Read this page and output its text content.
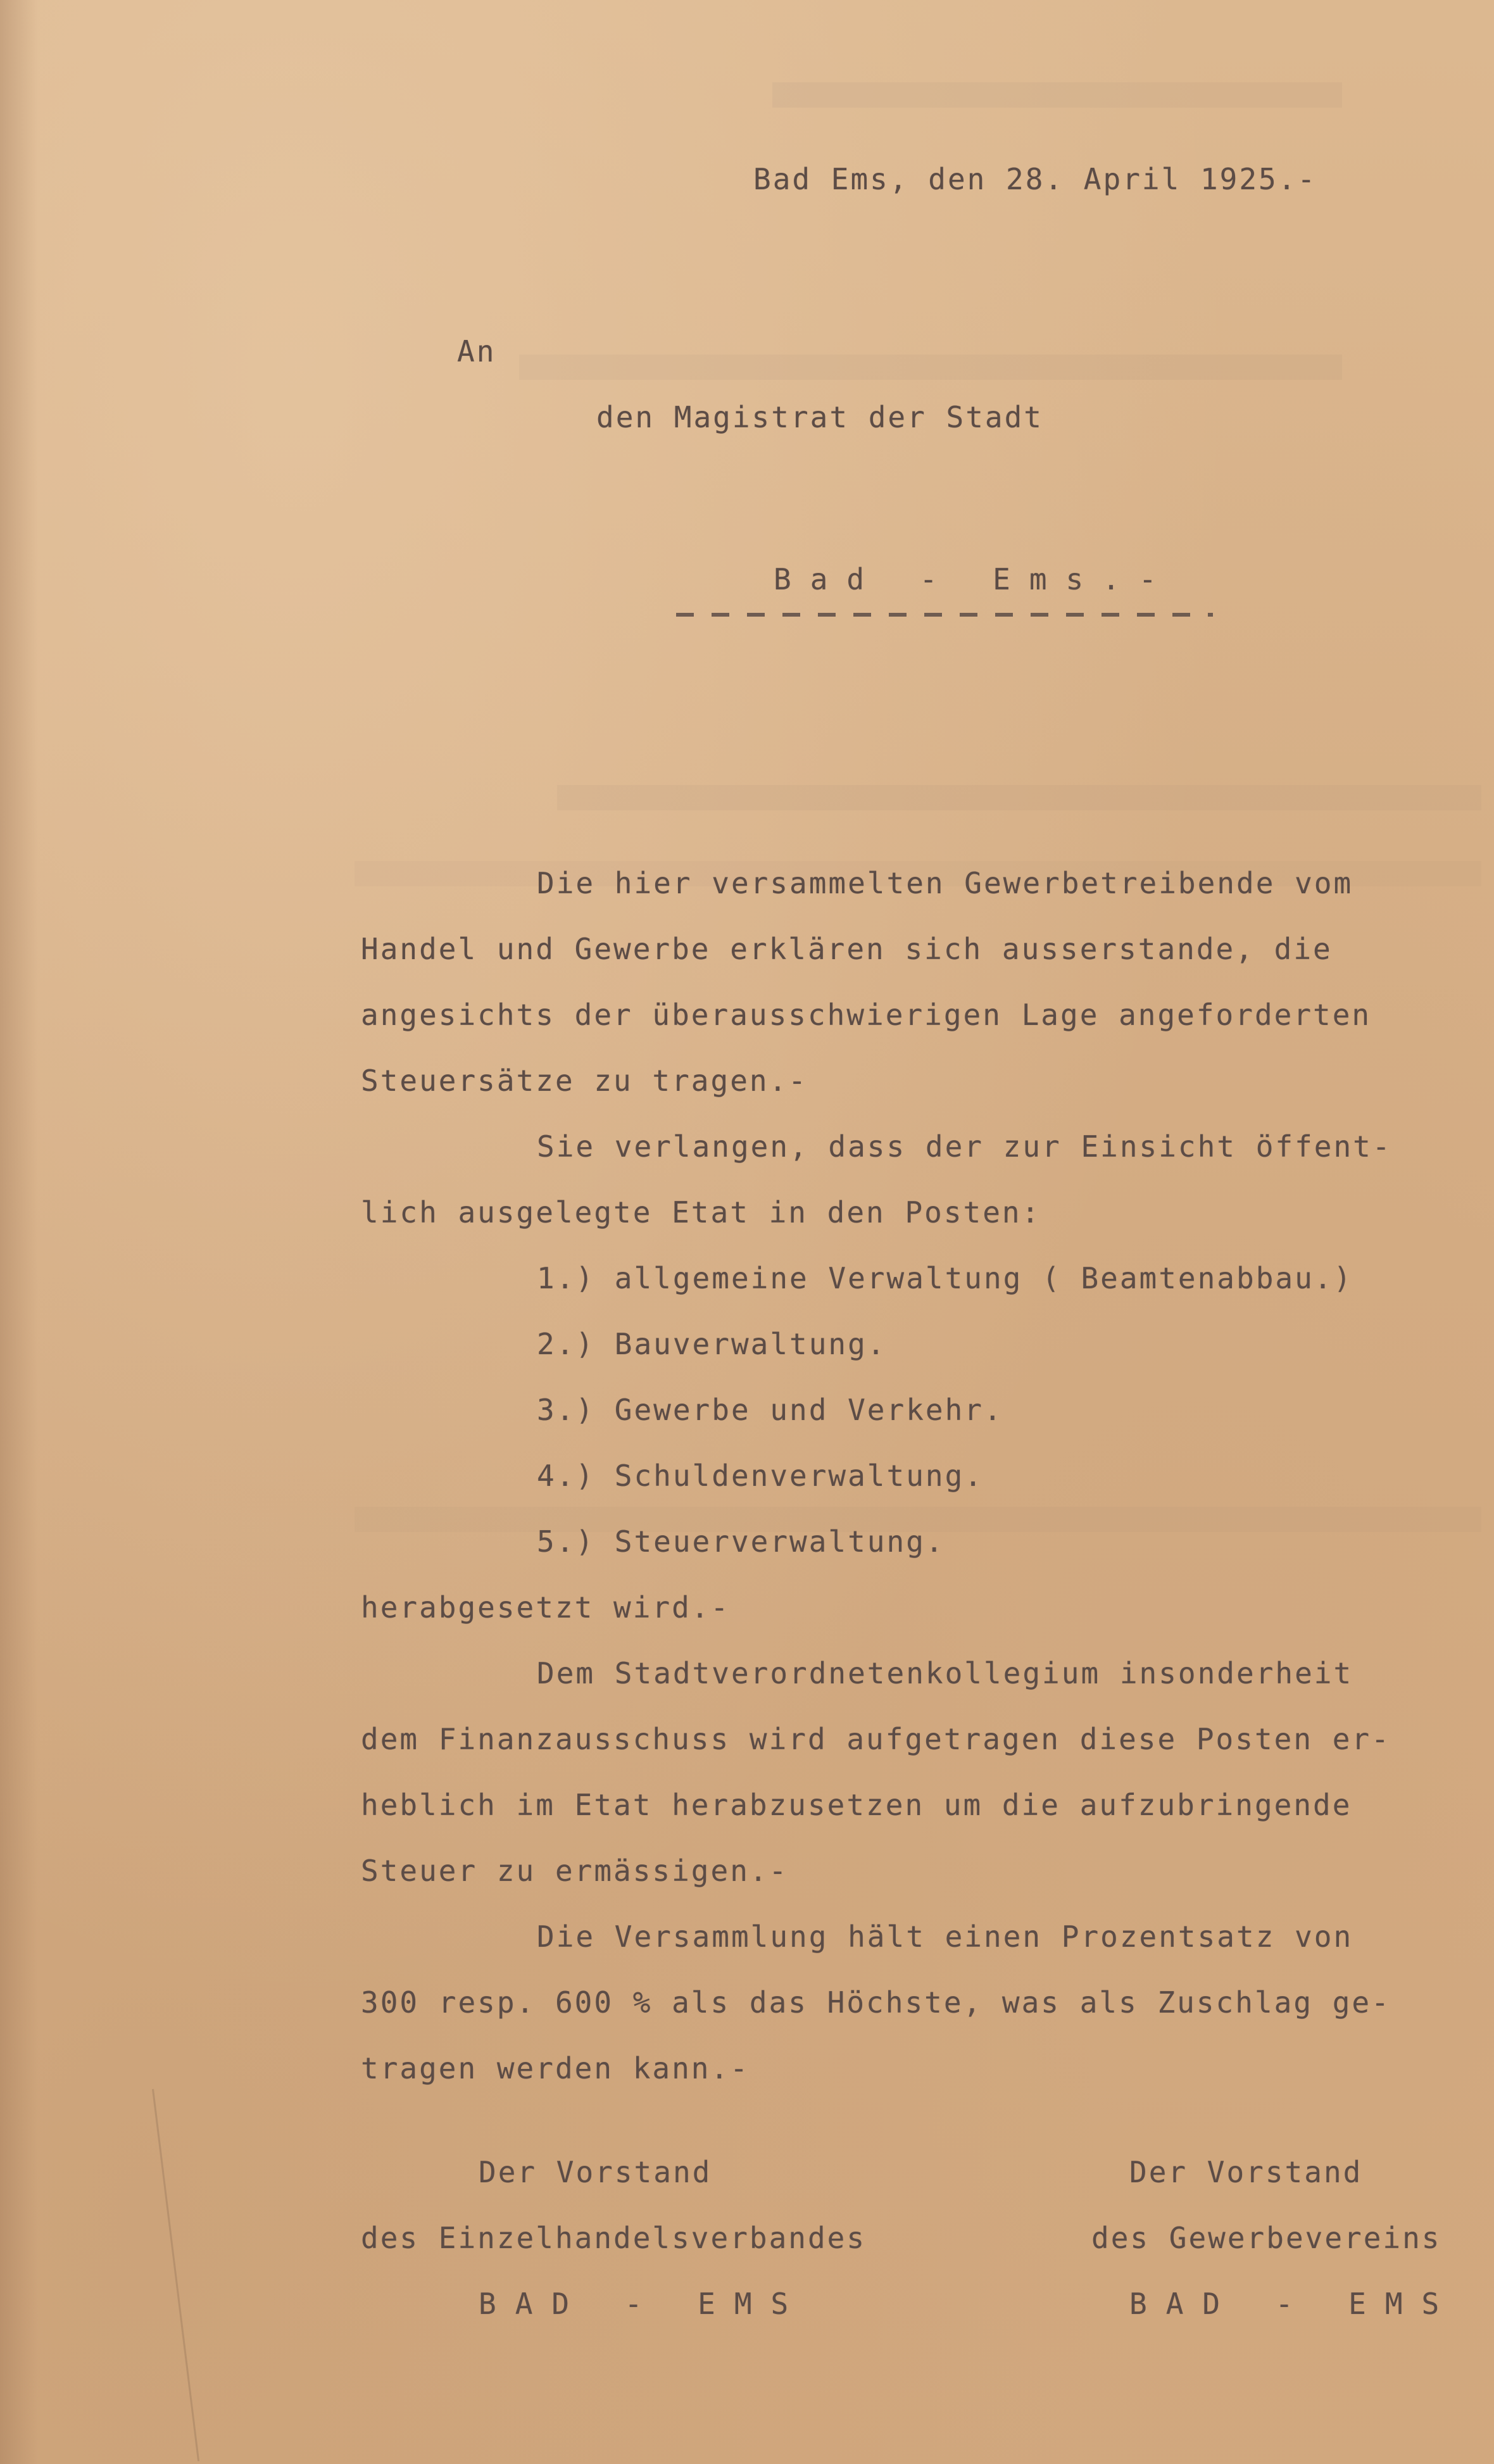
Bad Ems, den 28. April 1925.-
An
den Magistrat der Stadt
Bad - Ems.-
Die hier versammelten Gewerbetreibende vom
Handel und Gewerbe erklären sich ausserstande, die
angesichts der überausschwierigen Lage angeforderten
Steuersätze zu tragen.-
Sie verlangen, dass der zur Einsicht öffent-
lich ausgelegte Etat in den Posten:
1.) allgemeine Verwaltung ( Beamtenabbau.)
2.) Bauverwaltung.
3.) Gewerbe und Verkehr.
4.) Schuldenverwaltung.
5.) Steuerverwaltung.
herabgesetzt wird.-
Dem Stadtverordnetenkollegium insonderheit
dem Finanzausschuss wird aufgetragen diese Posten er-
heblich im Etat herabzusetzen um die aufzubringende
Steuer zu ermässigen.-
Die Versammlung hält einen Prozentsatz von
300 resp. 600 % als das Höchste, was als Zuschlag ge-
tragen werden kann.-
Der Vorstand
des Einzelhandelsverbandes
BAD - EMS
Der Vorstand
des Gewerbevereins
BAD - EMS
